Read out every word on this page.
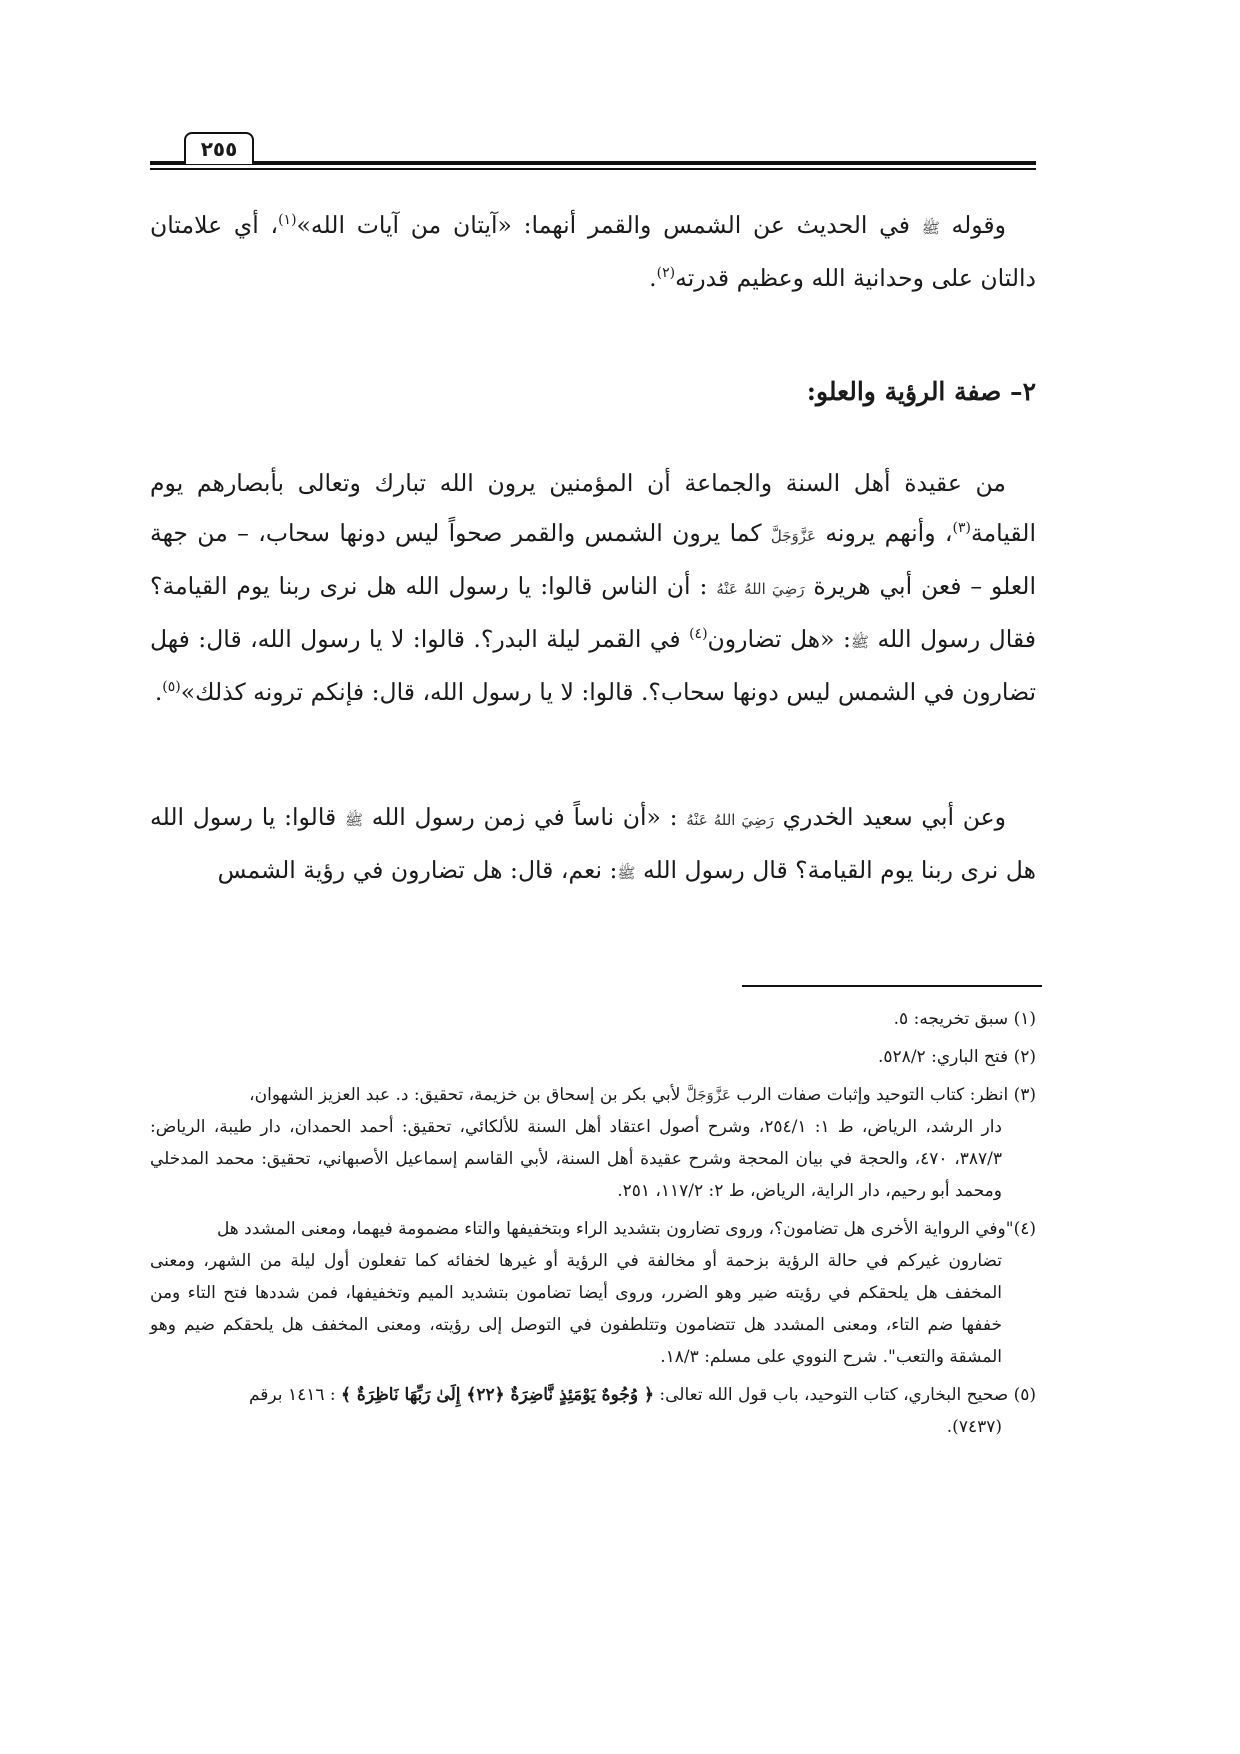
٢٥٥

وقوله ﷺ في الحديث عن الشمس والقمر أنهما: «آيتان من آيات الله»$^{(١)}$، أي علامتان دالتان على وحدانية الله وعظيم قدرته$^{(٢)}$.

٢– صفة الرؤية والعلو:

من عقيدة أهل السنة والجماعة أن المؤمنين يرون الله تبارك وتعالى بأبصارهم يوم القيامة$^{(٣)}$، وأنهم يرونه عَزَّوَجَلَّ كما يرون الشمس والقمر صحواً ليس دونها سحاب، – من جهة العلو – فعن أبي هريرة رَضِيَ اللهُ عَنْهُ : أن الناس قالوا: يا رسول الله هل نرى ربنا يوم القيامة؟ فقال رسول الله ﷺ: «هل تضارون$^{(٤)}$ في القمر ليلة البدر؟. قالوا: لا يا رسول الله، قال: فهل تضارون في الشمس ليس دونها سحاب؟. قالوا: لا يا رسول الله، قال: فإنكم ترونه كذلك»$^{(٥)}$.

وعن أبي سعيد الخدري رَضِيَ اللهُ عَنْهُ : «أن ناساً في زمن رسول الله ﷺ قالوا: يا رسول الله هل نرى ربنا يوم القيامة؟ قال رسول الله ﷺ: نعم، قال: هل تضارون في رؤية الشمس

(١) سبق تخريجه: ٥.

(٢) فتح الباري: ٥٢٨/٢.

(٣) انظر: كتاب التوحيد وإثبات صفات الرب عَزَّوَجَلَّ لأبي بكر بن إسحاق بن خزيمة، تحقيق: د. عبد العزيز الشهوان،
دار الرشد، الرياض، ط ١: ٢٥٤/١، وشرح أصول اعتقاد أهل السنة للألكائي، تحقيق: أحمد الحمدان، دار طيبة، الرياض: ٣٨٧/٣، ٤٧٠، والحجة في بيان المحجة وشرح عقيدة أهل السنة، لأبي القاسم إسماعيل الأصبهاني، تحقيق: محمد المدخلي ومحمد أبو رحيم، دار الراية، الرياض، ط ٢: ١١٧/٢، ٢٥١.

(٤)"وفي الرواية الأخرى هل تضامون؟، وروى تضارون بتشديد الراء وبتخفيفها والتاء مضمومة فيهما، ومعنى المشدد هل
تضارون غيركم في حالة الرؤية بزحمة أو مخالفة في الرؤية أو غيرها لخفائه كما تفعلون أول ليلة من الشهر، ومعنى المخفف هل يلحقكم في رؤيته ضير وهو الضرر، وروى أيضا تضامون بتشديد الميم وتخفيفها، فمن شددها فتح التاء ومن خففها ضم التاء، ومعنى المشدد هل تتضامون وتتلطفون في التوصل إلى رؤيته، ومعنى المخفف هل يلحقكم ضيم وهو المشقة والتعب". شرح النووي على مسلم: ١٨/٣.

(٥) صحيح البخاري، كتاب التوحيد، باب قول الله تعالى: ﴿ وُجُوهٌ يَوْمَئِذٍ نَّاضِرَةٌ ﴿٢٢﴾ إِلَىٰ رَبِّهَا نَاظِرَةٌ ﴾ : ١٤١٦ برقم
(٧٤٣٧).
